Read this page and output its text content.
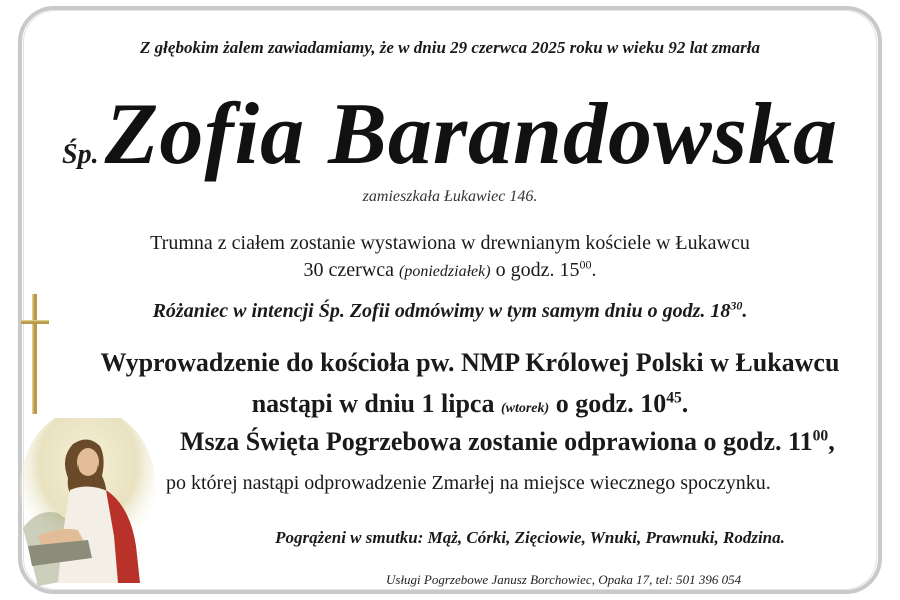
Z głębokim żalem zawiadamiamy, że w dniu 29 czerwca 2025 roku w wieku 92 lat zmarła
Śp.Zofia Barandowska
zamieszkała Łukawiec 146.
Trumna z ciałem zostanie wystawiona w drewnianym kościele w Łukawcu
30 czerwca (poniedziałek) o godz. $15^{00}$.
Różaniec w intencji Śp. Zofii odmówimy w tym samym dniu o godz. $18^{30}$.
Wyprowadzenie do kościoła pw. NMP Królowej Polski w Łukawcu
nastąpi w dniu 1 lipca (wtorek) o godz. $10^{45}$.
Msza Święta Pogrzebowa zostanie odprawiona o godz. $11^{00}$,
po której nastąpi odprowadzenie Zmarłej na miejsce wiecznego spoczynku.
Pogrążeni w smutku: Mąż, Córki, Zięciowie, Wnuki, Prawnuki, Rodzina.
Usługi Pogrzebowe Janusz Borchowiec, Opaka 17, tel: 501 396 054
